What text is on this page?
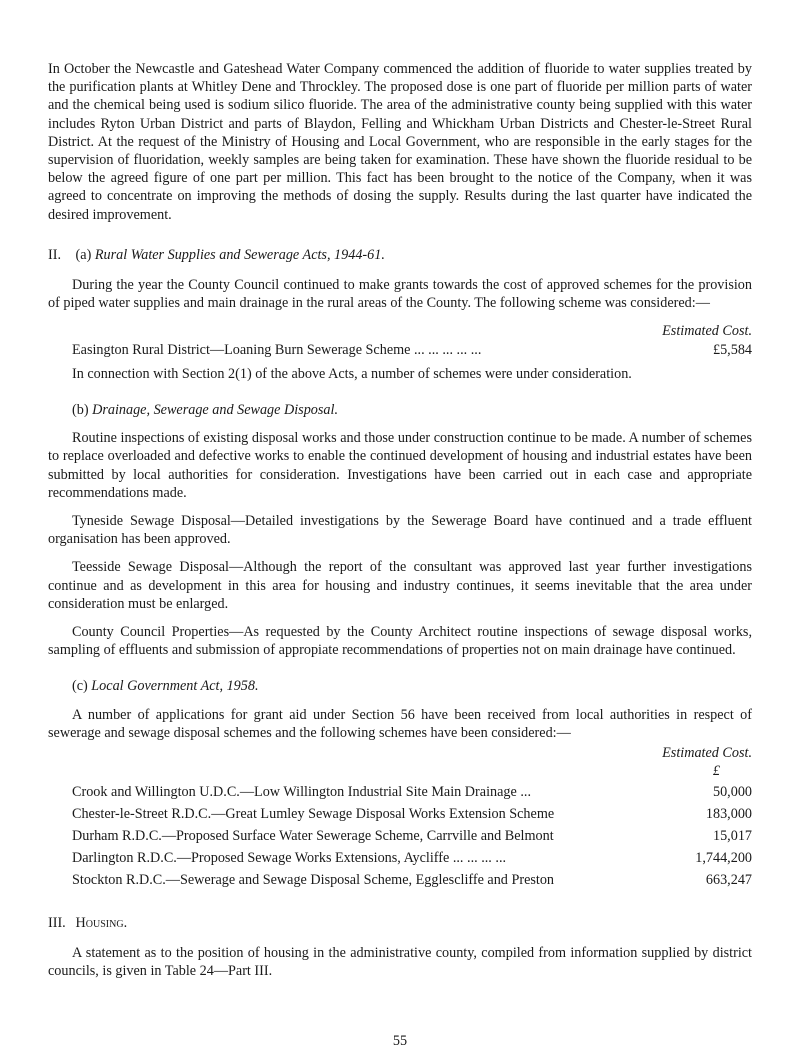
In October the Newcastle and Gateshead Water Company commenced the addition of fluoride to water supplies treated by the purification plants at Whitley Dene and Throckley. The proposed dose is one part of fluoride per million parts of water and the chemical being used is sodium silico fluoride. The area of the administrative county being supplied with this water includes Ryton Urban District and parts of Blaydon, Felling and Whickham Urban Districts and Chester-le-Street Rural District. At the request of the Ministry of Housing and Local Government, who are responsible in the early stages for the supervision of fluoridation, weekly samples are being taken for examination. These have shown the fluoride residual to be below the agreed figure of one part per million. This fact has been brought to the notice of the Company, when it was agreed to concentrate on improving the methods of dosing the supply. Results during the last quarter have indicated the desired improvement.

II. (a) Rural Water Supplies and Sewerage Acts, 1944-61.

During the year the County Council continued to make grants towards the cost of approved schemes for the provision of piped water supplies and main drainage in the rural areas of the County. The following scheme was considered:—

Estimated Cost.

Easington Rural District—Loaning Burn Sewerage Scheme ... ... ... ... ...	£5,584

In connection with Section 2(1) of the above Acts, a number of schemes were under consideration.

(b) Drainage, Sewerage and Sewage Disposal.

Routine inspections of existing disposal works and those under construction continue to be made. A number of schemes to replace overloaded and defective works to enable the continued development of housing and industrial estates have been submitted by local authorities for consideration. Investigations have been carried out in each case and appropriate recommendations made.

Tyneside Sewage Disposal—Detailed investigations by the Sewerage Board have continued and a trade effluent organisation has been approved.

Teesside Sewage Disposal—Although the report of the consultant was approved last year further investigations continue and as development in this area for housing and industry continues, it seems inevitable that the area under consideration must be enlarged.

County Council Properties—As requested by the County Architect routine inspections of sewage disposal works, sampling of effluents and submission of appropiate recommendations of properties not on main drainage have continued.

(c) Local Government Act, 1958.

A number of applications for grant aid under Section 56 have been received from local authorities in respect of sewerage and sewage disposal schemes and the following schemes have been considered:—

Estimated Cost.

£

Crook and Willington U.D.C.—Low Willington Industrial Site Main Drainage ...	50,000
Chester-le-Street R.D.C.—Great Lumley Sewage Disposal Works Extension Scheme	183,000
Durham R.D.C.—Proposed Surface Water Sewerage Scheme, Carrville and Belmont	15,017
Darlington R.D.C.—Proposed Sewage Works Extensions, Aycliffe ... ... ... ...	1,744,200
Stockton R.D.C.—Sewerage and Sewage Disposal Scheme, Egglescliffe and Preston	663,247

III. Housing.

A statement as to the position of housing in the administrative county, compiled from information supplied by district councils, is given in Table 24—Part III.

55
